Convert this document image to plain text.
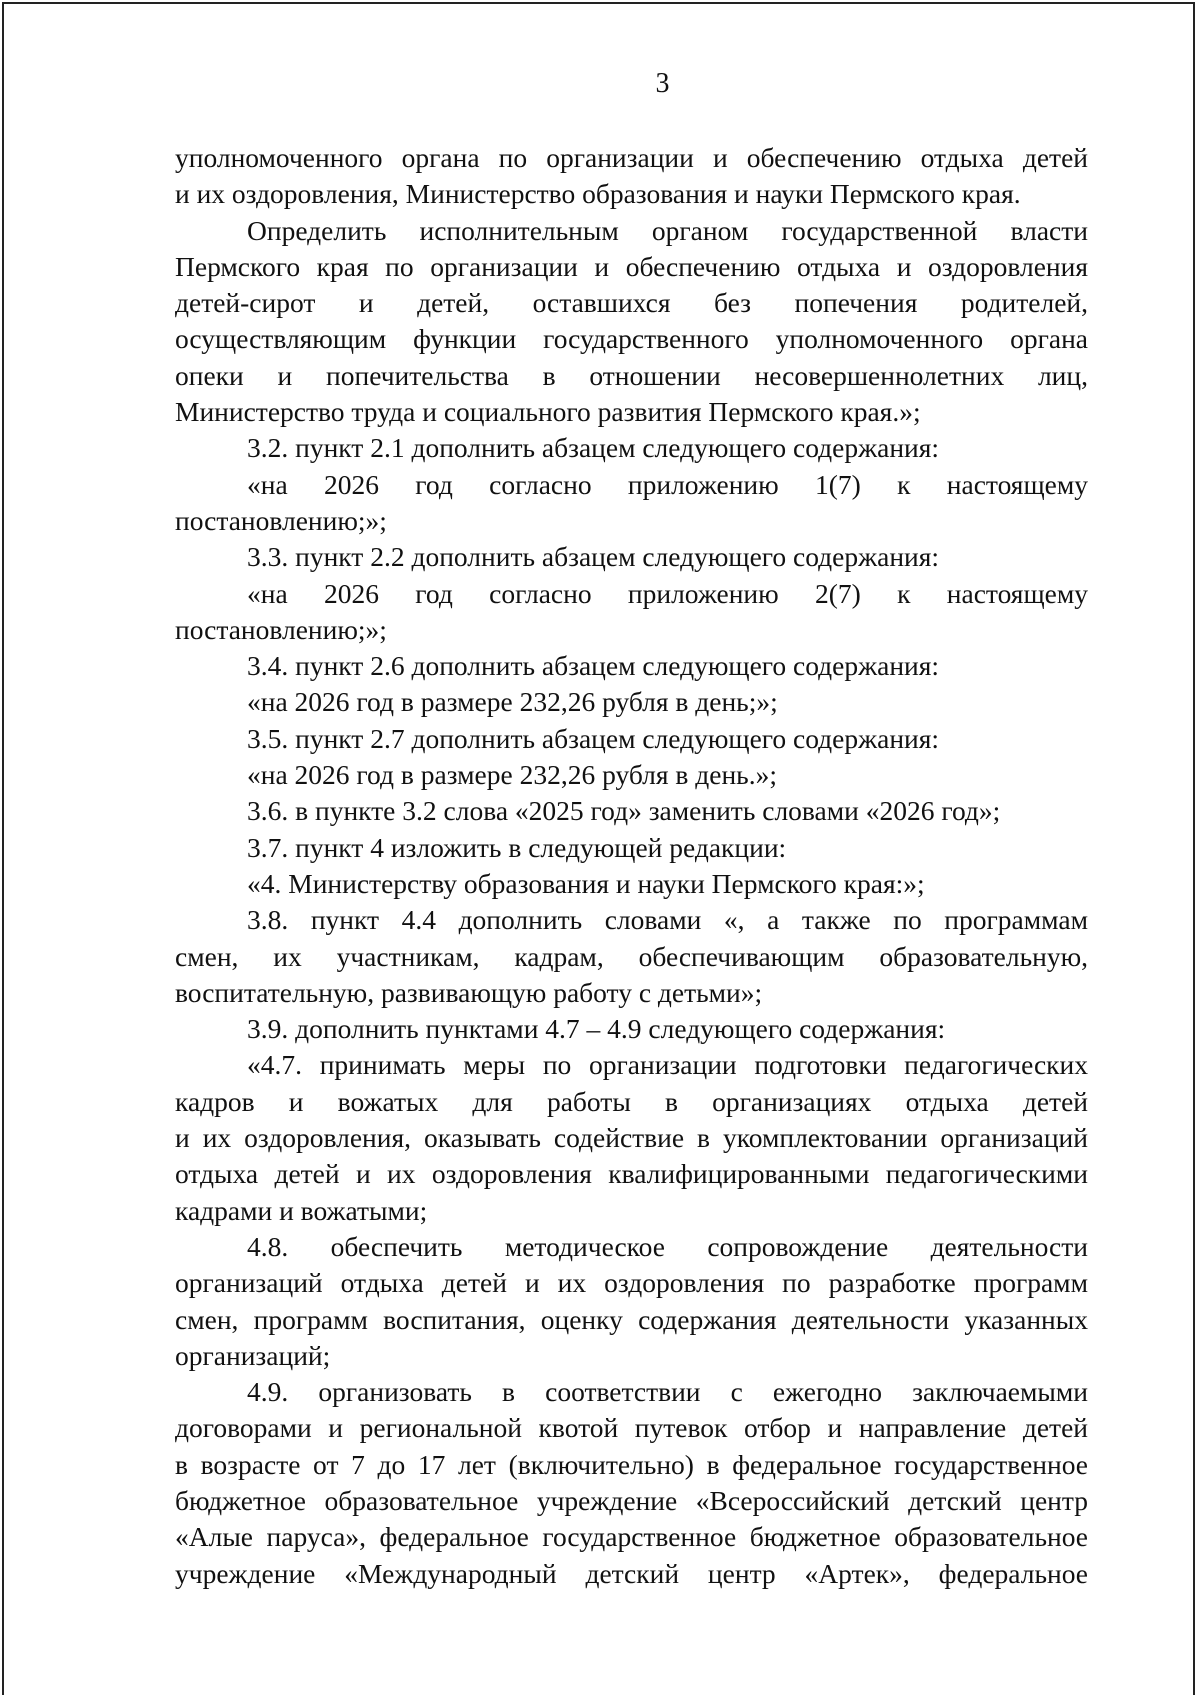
3
уполномоченного органа по организации и обеспечению отдыха детей
и их оздоровления, Министерство образования и науки Пермского края.
Определить исполнительным органом государственной власти
Пермского края по организации и обеспечению отдыха и оздоровления
детей-сирот и детей, оставшихся без попечения родителей,
осуществляющим функции государственного уполномоченного органа
опеки и попечительства в отношении несовершеннолетних лиц,
Министерство труда и социального развития Пермского края.»;
3.2. пункт 2.1 дополнить абзацем следующего содержания:
«на 2026 год согласно приложению 1(7) к настоящему
постановлению;»;
3.3. пункт 2.2 дополнить абзацем следующего содержания:
«на 2026 год согласно приложению 2(7) к настоящему
постановлению;»;
3.4. пункт 2.6 дополнить абзацем следующего содержания:
«на 2026 год в размере 232,26 рубля в день;»;
3.5. пункт 2.7 дополнить абзацем следующего содержания:
«на 2026 год в размере 232,26 рубля в день.»;
3.6. в пункте 3.2 слова «2025 год» заменить словами «2026 год»;
3.7. пункт 4 изложить в следующей редакции:
«4. Министерству образования и науки Пермского края:»;
3.8. пункт 4.4 дополнить словами «, а также по программам
смен, их участникам, кадрам, обеспечивающим образовательную,
воспитательную, развивающую работу с детьми»;
3.9. дополнить пунктами 4.7 – 4.9 следующего содержания:
«4.7. принимать меры по организации подготовки педагогических
кадров и вожатых для работы в организациях отдыха детей
и их оздоровления, оказывать содействие в укомплектовании организаций
отдыха детей и их оздоровления квалифицированными педагогическими
кадрами и вожатыми;
4.8. обеспечить методическое сопровождение деятельности
организаций отдыха детей и их оздоровления по разработке программ
смен, программ воспитания, оценку содержания деятельности указанных
организаций;
4.9. организовать в соответствии с ежегодно заключаемыми
договорами и региональной квотой путевок отбор и направление детей
в возрасте от 7 до 17 лет (включительно) в федеральное государственное
бюджетное образовательное учреждение «Всероссийский детский центр
«Алые паруса», федеральное государственное бюджетное образовательное
учреждение «Международный детский центр «Артек», федеральное
